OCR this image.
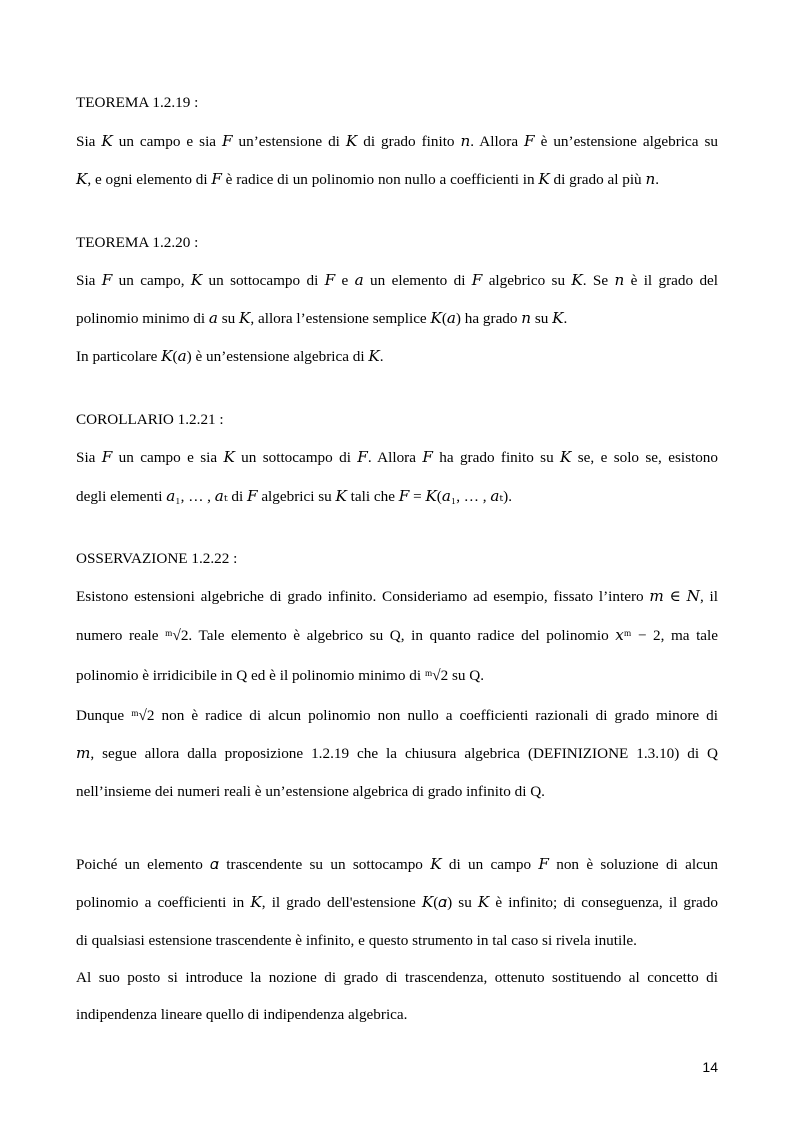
TEOREMA 1.2.19 :
Sia 𝐾 un campo e sia 𝐹 un’estensione di 𝐾 di grado finito 𝑛. Allora 𝐹 è un’estensione algebrica su
𝐾, e ogni elemento di 𝐹 è radice di un polinomio non nullo a coefficienti in 𝐾 di grado al più 𝑛.
TEOREMA 1.2.20 :
Sia 𝐹 un campo, 𝐾 un sottocampo di 𝐹 e 𝑎 un elemento di 𝐹 algebrico su 𝐾. Se 𝑛 è il grado del
polinomio minimo di 𝑎 su 𝐾, allora l’estensione semplice 𝐾(𝑎) ha grado 𝑛 su 𝐾.
In particolare 𝐾(𝑎) è un’estensione algebrica di 𝐾.
COROLLARIO 1.2.21 :
Sia 𝐹 un campo e sia 𝐾 un sottocampo di 𝐹. Allora 𝐹 ha grado finito su 𝐾 se, e solo se, esistono
degli elementi 𝑎₁, … , 𝑎ₜ di 𝐹 algebrici su 𝐾 tali che 𝐹 = 𝐾(𝑎₁, … , 𝑎ₜ).
OSSERVAZIONE 1.2.22 :
Esistono estensioni algebriche di grado infinito. Consideriamo ad esempio, fissato l’intero 𝑚 ∈ 𝑁, il
numero reale ᵐ√2. Tale elemento è algebrico su Q, in quanto radice del polinomio 𝑥ᵐ − 2, ma tale
polinomio è irridicibile in Q ed è il polinomio minimo di ᵐ√2 su Q.
Dunque ᵐ√2 non è radice di alcun polinomio non nullo a coefficienti razionali di grado minore di
𝑚, segue allora dalla proposizione 1.2.19 che la chiusura algebrica (DEFINIZIONE 1.3.10) di Q
nell’insieme dei numeri reali è un’estensione algebrica di grado infinito di Q.
Poiché un elemento 𝛼 trascendente su un sottocampo 𝐾 di un campo 𝐹 non è soluzione di alcun
polinomio a coefficienti in 𝐾, il grado dell'estensione 𝐾(𝛼) su 𝐾 è infinito; di conseguenza, il grado
di qualsiasi estensione trascendente è infinito, e questo strumento in tal caso si rivela inutile.
Al suo posto si introduce la nozione di grado di trascendenza, ottenuto sostituendo al concetto di
indipendenza lineare quello di indipendenza algebrica.
14
